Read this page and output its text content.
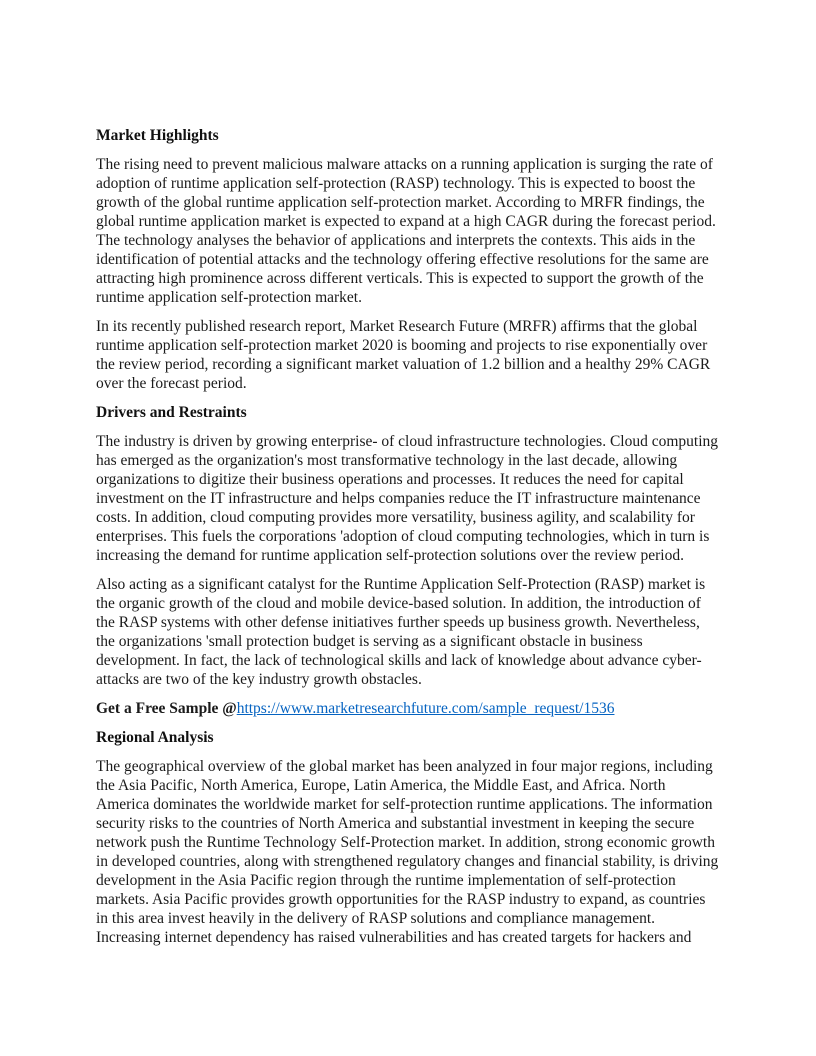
Market Highlights

The rising need to prevent malicious malware attacks on a running application is surging the rate of adoption of runtime application self-protection (RASP) technology. This is expected to boost the growth of the global runtime application self-protection market. According to MRFR findings, the global runtime application market is expected to expand at a high CAGR during the forecast period. The technology analyses the behavior of applications and interprets the contexts. This aids in the identification of potential attacks and the technology offering effective resolutions for the same are attracting high prominence across different verticals. This is expected to support the growth of the runtime application self-protection market.

In its recently published research report, Market Research Future (MRFR) affirms that the global runtime application self-protection market 2020 is booming and projects to rise exponentially over the review period, recording a significant market valuation of 1.2 billion and a healthy 29% CAGR over the forecast period.

Drivers and Restraints

The industry is driven by growing enterprise- of cloud infrastructure technologies. Cloud computing has emerged as the organization's most transformative technology in the last decade, allowing organizations to digitize their business operations and processes. It reduces the need for capital investment on the IT infrastructure and helps companies reduce the IT infrastructure maintenance costs. In addition, cloud computing provides more versatility, business agility, and scalability for enterprises. This fuels the corporations 'adoption of cloud computing technologies, which in turn is increasing the demand for runtime application self-protection solutions over the review period.

Also acting as a significant catalyst for the Runtime Application Self-Protection (RASP) market is the organic growth of the cloud and mobile device-based solution. In addition, the introduction of the RASP systems with other defense initiatives further speeds up business growth. Nevertheless, the organizations 'small protection budget is serving as a significant obstacle in business development. In fact, the lack of technological skills and lack of knowledge about advance cyber-attacks are two of the key industry growth obstacles.

Get a Free Sample @https://www.marketresearchfuture.com/sample_request/1536

Regional Analysis

The geographical overview of the global market has been analyzed in four major regions, including the Asia Pacific, North America, Europe, Latin America, the Middle East, and Africa. North America dominates the worldwide market for self-protection runtime applications. The information security risks to the countries of North America and substantial investment in keeping the secure network push the Runtime Technology Self-Protection market. In addition, strong economic growth in developed countries, along with strengthened regulatory changes and financial stability, is driving development in the Asia Pacific region through the runtime implementation of self-protection markets. Asia Pacific provides growth opportunities for the RASP industry to expand, as countries in this area invest heavily in the delivery of RASP solutions and compliance management. Increasing internet dependency has raised vulnerabilities and has created targets for hackers and
